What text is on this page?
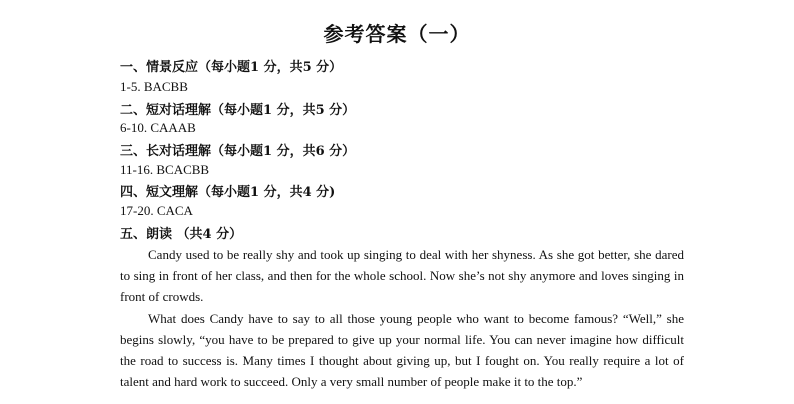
参考答案（一）
一、情景反应（每小题1 分，共5 分）
1-5. BACBB
二、短对话理解（每小题1 分，共5 分）
6-10. CAAAB
三、长对话理解（每小题1 分，共6 分）
11-16. BCACBB
四、短文理解（每小题1 分，共4 分)
17-20. CACA
五、朗读 （共4 分）

Candy used to be really shy and took up singing to deal with her shyness. As she got better, she dared to sing in front of her class, and then for the whole school. Now she’s not shy anymore and loves singing in front of crowds.

What does Candy have to say to all those young people who want to become famous? “Well,” she begins slowly, “you have to be prepared to give up your normal life. You can never imagine how difficult the road to success is. Many times I thought about giving up, but I fought on. You really require a lot of talent and hard work to succeed. Only a very small number of people make it to the top.”
